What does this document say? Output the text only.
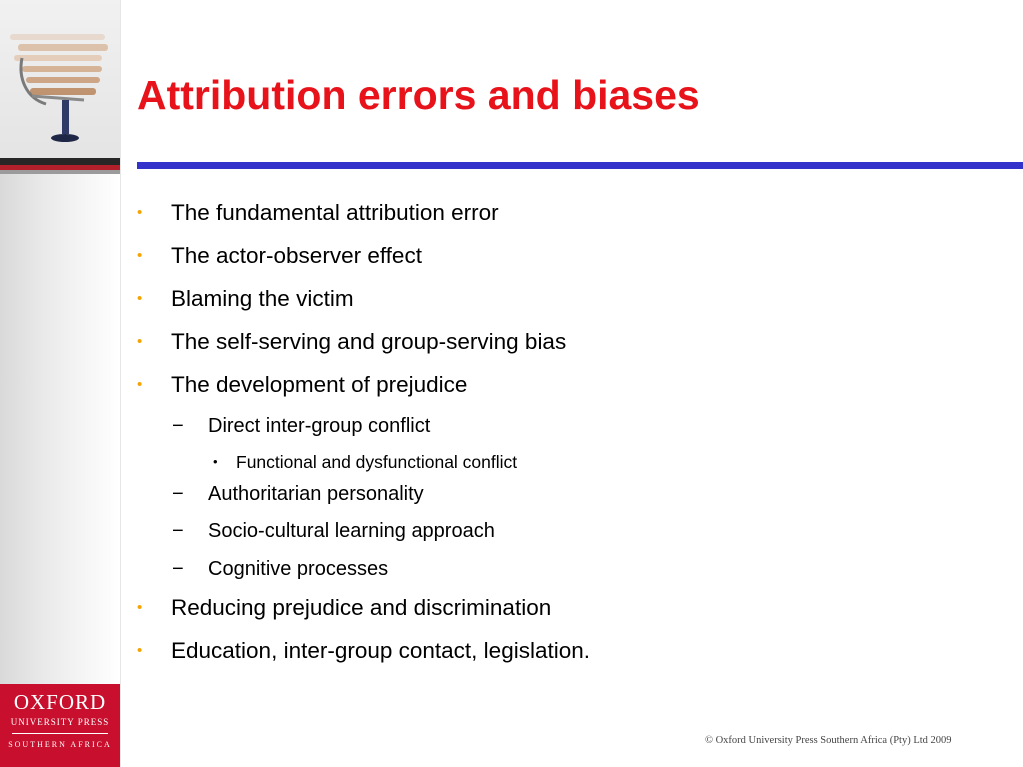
OXFORD
UNIVERSITY PRESS
SOUTHERN AFRICA
Attribution errors and biases
• The fundamental attribution error
• The actor-observer effect
• Blaming the victim
• The self-serving and group-serving bias
• The development of prejudice
− Direct inter-group conflict
• Functional and dysfunctional conflict
− Authoritarian personality
− Socio-cultural learning approach
− Cognitive processes
• Reducing prejudice and discrimination
• Education, inter-group contact, legislation.
© Oxford University Press Southern Africa (Pty) Ltd 2009
